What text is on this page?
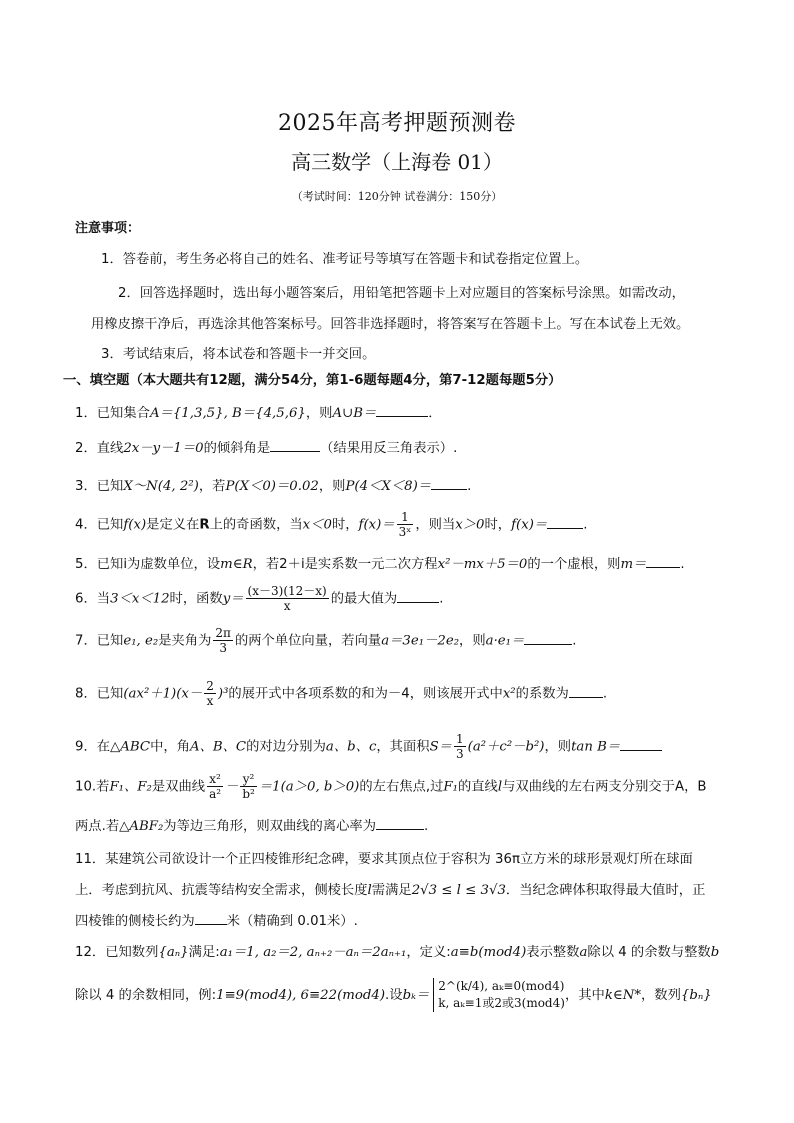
2025年高考押题预测卷
高三数学（上海卷 01）
（考试时间：120分钟 试卷满分：150分）
注意事项：
1．答卷前，考生务必将自己的姓名、准考证号等填写在答题卡和试卷指定位置上。
2．回答选择题时，选出每小题答案后，用铅笔把答题卡上对应题目的答案标号涂黑。如需改动，
用橡皮擦干净后，再选涂其他答案标号。回答非选择题时，将答案写在答题卡上。写在本试卷上无效。
3．考试结束后，将本试卷和答题卡一并交回。
一、填空题（本大题共有12题，满分54分，第1-6题每题4分，第7-12题每题5分）
1．已知集合A＝{1,3,5}, B＝{4,5,6}，则A∪B＝	．
2．直线2x－y－1＝0的倾斜角是	（结果用反三角表示）.
3．已知X～N(4, 2²)，若P(X＜0)＝0.02，则P(4＜X＜8)＝	.
4．已知f(x)是定义在R上的奇函数，当x＜0时，$f(x)= \frac{1}{\text{3ˣ}}$ ，则当x＞0时，f(x)＝	.
5．已知i为虚数单位，设m∈R，若2＋i是实系数一元二次方程x²－mx＋5＝0的一个虚根，则m＝	.
6．当3＜x＜12时，函数$y= \frac{(x-3)(12-x)}{x}$ 的最大值为	.
7．已知e₁, e₂是夹角为 $\frac{2\pi}{3}$ 的两个单位向量，若向量a＝3e₁－2e₂，则a·e₁＝	.
8．已知$(ax^2+1)(x- \frac{2}{x} )^3$的展开式中各项系数的和为－4，则该展开式中x²的系数为	.
9．在△ABC中，角A、B、C的对边分别为a、b、c，其面积$S= \frac{1}{3} (a^2+c^2-b^2)$，则tan B＝
10.若F₁、F₂是双曲线 $\frac{\text{x²}}{\text{a²}} - \frac{\text{y²}}{\text{b²}} =1(a>0$, b＞0)的左右焦点,过F₁的直线l与双曲线的左右两支分别交于A，B
两点.若△ABF₂为等边三角形，则双曲线的离心率为	.
11．某建筑公司欲设计一个正四棱锥形纪念碑，要求其顶点位于容积为 36π立方米的球形景观灯所在球面
上．考虑到抗风、抗震等结构安全需求，侧棱长度l需满足2√3 ≤ l ≤ 3√3．当纪念碑体积取得最大值时，正
四棱锥的侧棱长约为 米（精确到 0.01米）.
12．已知数列{aₙ}满足:a₁＝1, a₂＝2, aₙ₊₂－aₙ＝2aₙ₊₁，定义:a≡b(mod4)表示整数a除以 4 的余数与整数b
除以 4 的余数相同，例:1≡9(mod4), 6≡22(mod4).设bₖ＝
2^(k/4), aₖ≡0(mod4)
k, aₖ≡1或2或3(mod4) ，其中k∈N*，数列{bₙ}
